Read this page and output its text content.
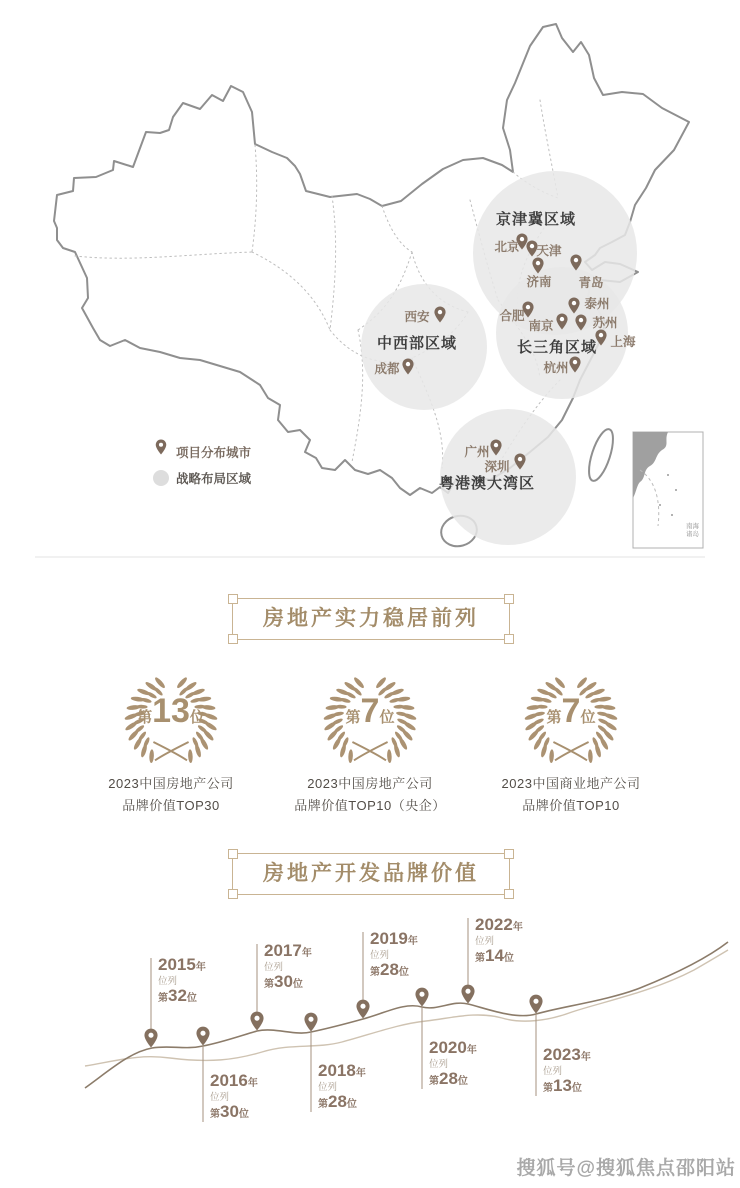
京津冀区域
中西部区域	长三角区域
粤港澳大湾区
北京 天津
济南 青岛
泰州
合肥
南京	苏州
上海
杭州
西安
成都
广州
深圳
项目分布城市
战略布局区域
南海
诸岛
房地产实力稳居前列
第13位
2023中国房地产公司
品牌价值TOP30
第7位
2023中国房地产公司
品牌价值TOP10（央企）
第7位
2023中国商业地产公司
品牌价值TOP10
房地产开发品牌价值
2015年
位列
第32位
2016年
位列
第30位
2017年
位列
第30位
2018年
位列
第28位
2019年
位列
第28位
2020年
位列
第28位
2022年
位列
第14位
2023年
位列
第13位
搜狐号@搜狐焦点邵阳站
